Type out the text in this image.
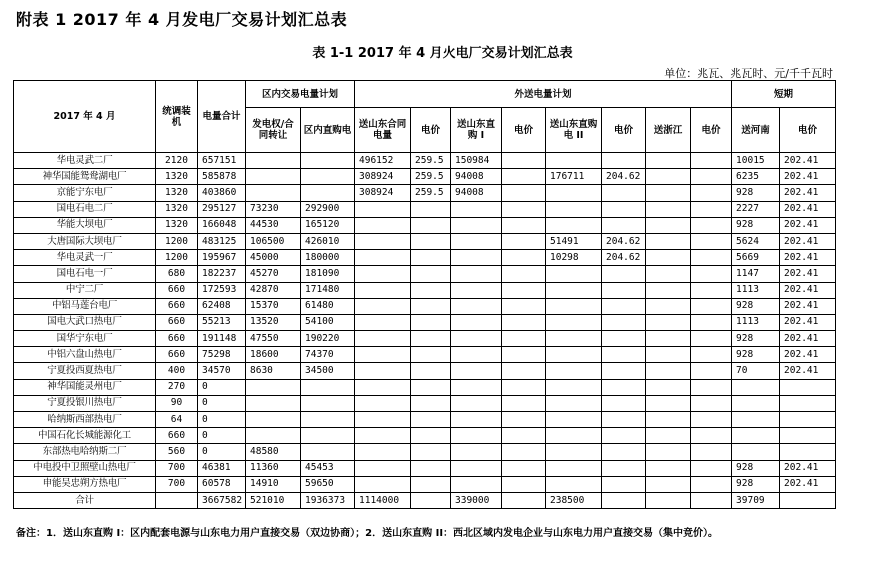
附表 1 2017 年 4 月发电厂交易计划汇总表
表 1-1 2017 年 4 月火电厂交易计划汇总表
单位：兆瓦、兆瓦时、元/千千瓦时
2017 年 4 月	统调装机	电量合计	区内交易电量计划		外送电量计划								短期	
			发电权/合同转让	区内直购电	送山东合同电量	电价	送山东直购 I	电价	送山东直购电 II	电价	送浙江	电价	送河南	电价
华电灵武二厂	2120	657151			496152	259.5	150984						10015	202.41
神华国能鸳鸯湖电厂	1320	585878			308924	259.5	94008		176711	204.62			6235	202.41
京能宁东电厂	1320	403860			308924	259.5	94008						928	202.41
国电石电二厂	1320	295127	73230	292900									2227	202.41
华能大坝电厂	1320	166048	44530	165120									928	202.41
大唐国际大坝电厂	1200	483125	106500	426010					51491	204.62			5624	202.41
华电灵武一厂	1200	195967	45000	180000					10298	204.62			5669	202.41
国电石电一厂	680	182237	45270	181090									1147	202.41
中宁二厂	660	172593	42870	171480									1113	202.41
中铝马莲台电厂	660	62408	15370	61480									928	202.41
国电大武口热电厂	660	55213	13520	54100									1113	202.41
国华宁东电厂	660	191148	47550	190220									928	202.41
中铝六盘山热电厂	660	75298	18600	74370									928	202.41
宁夏投西夏热电厂	400	34570	8630	34500									70	202.41
神华国能灵州电厂	270	0												
宁夏投银川热电厂	90	0												
哈纳斯西部热电厂	64	0												
中国石化长城能源化工	660	0												
东部热电哈纳斯二厂	560	0	48580											
中电投中卫照壁山热电厂	700	46381	11360	45453									928	202.41
申能吴忠朔方热电厂	700	60578	14910	59650									928	202.41
合计		3667582	521010	1936373	1114000		339000		238500				39709	
备注：1．送山东直购 I：区内配套电源与山东电力用户直接交易（双边协商）；2．送山东直购 II：西北区域内发电企业与山东电力用户直接交易（集中竞价）。
